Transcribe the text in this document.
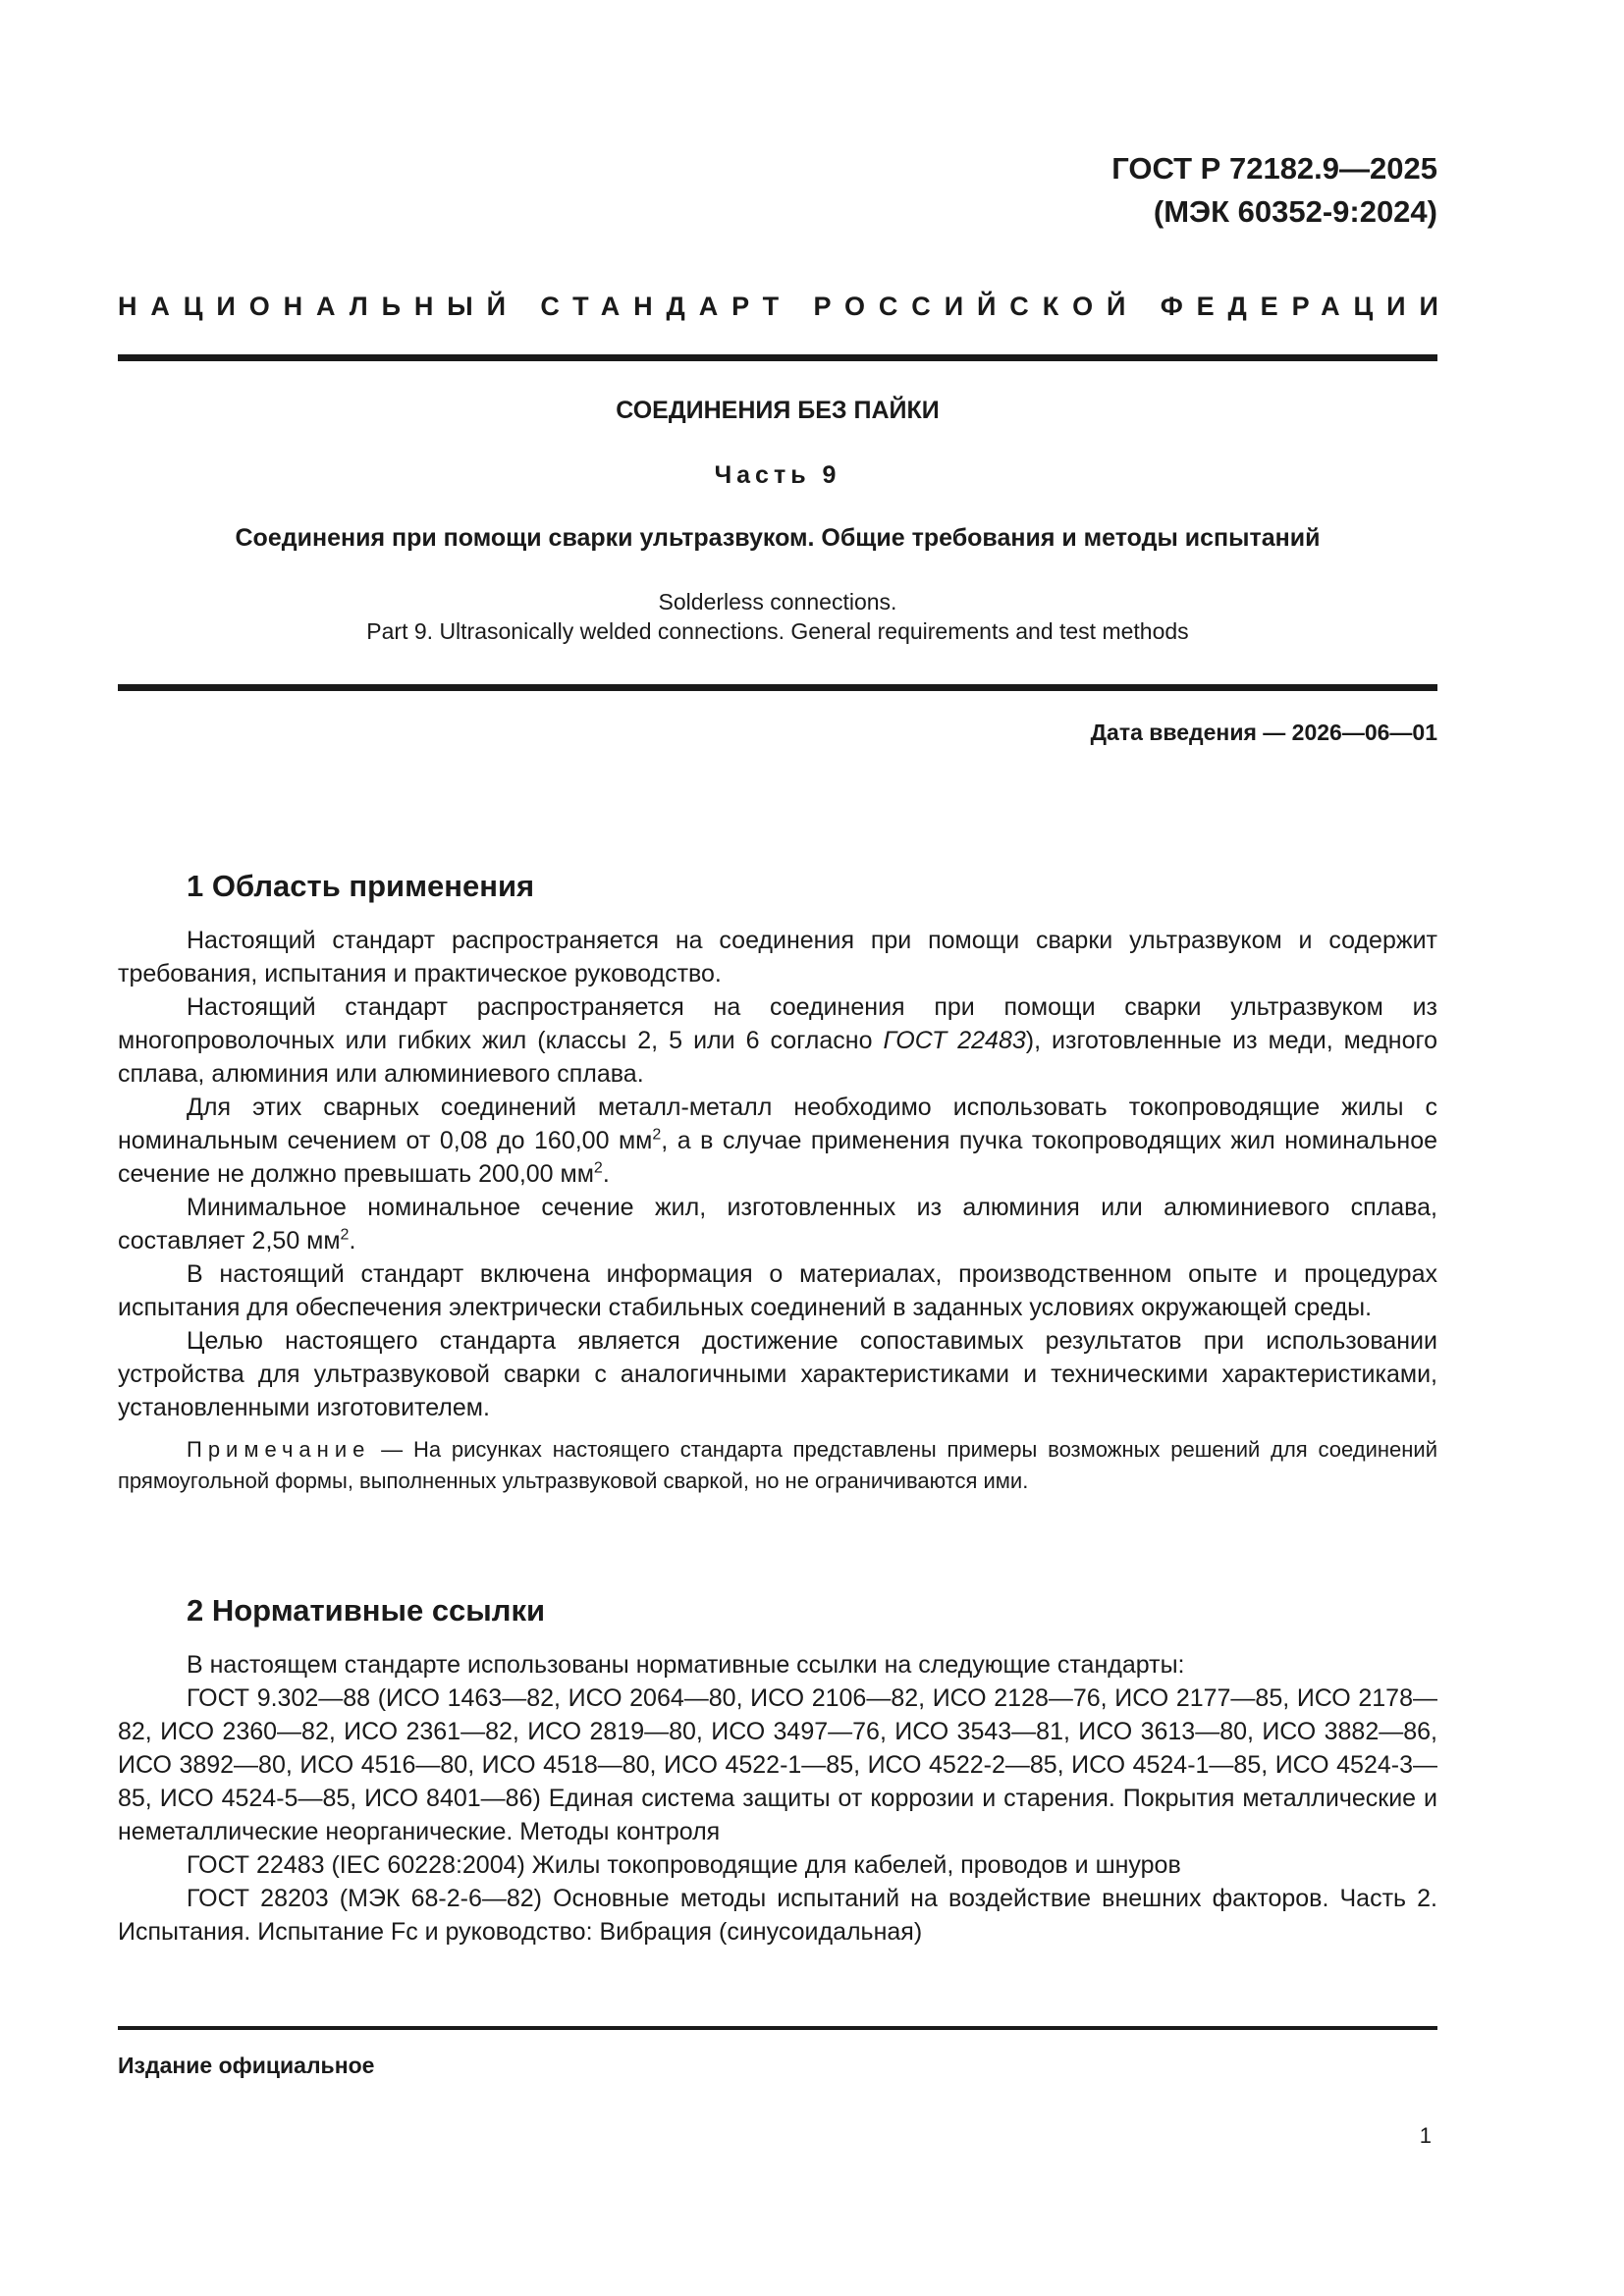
ГОСТ Р 72182.9—2025
(МЭК 60352-9:2024)
НАЦИОНАЛЬНЫЙ СТАНДАРТ РОССИЙСКОЙ ФЕДЕРАЦИИ
СОЕДИНЕНИЯ БЕЗ ПАЙКИ
Часть 9
Соединения при помощи сварки ультразвуком. Общие требования и методы испытаний
Solderless connections.
Part 9. Ultrasonically welded connections. General requirements and test methods
Дата введения — 2026—06—01
1 Область применения

Настоящий стандарт распространяется на соединения при помощи сварки ультразвуком и содержит требования, испытания и практическое руководство.

Настоящий стандарт распространяется на соединения при помощи сварки ультразвуком из многопроволочных или гибких жил (классы 2, 5 или 6 согласно ГОСТ 22483), изготовленные из меди, медного сплава, алюминия или алюминиевого сплава.

Для этих сварных соединений металл-металл необходимо использовать токопроводящие жилы с номинальным сечением от 0,08 до 160,00 $мм^2$, а в случае применения пучка токопроводящих жил номинальное сечение не должно превышать 200,00 $мм^2$.

Минимальное номинальное сечение жил, изготовленных из алюминия или алюминиевого сплава, составляет 2,50 $мм^2$.

В настоящий стандарт включена информация о материалах, производственном опыте и процедурах испытания для обеспечения электрически стабильных соединений в заданных условиях окружающей среды.

Целью настоящего стандарта является достижение сопоставимых результатов при использовании устройства для ультразвуковой сварки с аналогичными характеристиками и техническими характеристиками, установленными изготовителем.

Примечание — На рисунках настоящего стандарта представлены примеры возможных решений для соединений прямоугольной формы, выполненных ультразвуковой сваркой, но не ограничиваются ими.

2 Нормативные ссылки

В настоящем стандарте использованы нормативные ссылки на следующие стандарты:

ГОСТ 9.302—88 (ИСО 1463—82, ИСО 2064—80, ИСО 2106—82, ИСО 2128—76, ИСО 2177—85, ИСО 2178—82, ИСО 2360—82, ИСО 2361—82, ИСО 2819—80, ИСО 3497—76, ИСО 3543—81, ИСО 3613—80, ИСО 3882—86, ИСО 3892—80, ИСО 4516—80, ИСО 4518—80, ИСО 4522-1—85, ИСО 4522-2—85, ИСО 4524-1—85, ИСО 4524-3—85, ИСО 4524-5—85, ИСО 8401—86) Единая система защиты от коррозии и старения. Покрытия металлические и неметаллические неорганические. Методы контроля

ГОСТ 22483 (IEC 60228:2004) Жилы токопроводящие для кабелей, проводов и шнуров

ГОСТ 28203 (МЭК 68-2-6—82) Основные методы испытаний на воздействие внешних факторов. Часть 2. Испытания. Испытание Fc и руководство: Вибрация (синусоидальная)

Издание официальное
1
